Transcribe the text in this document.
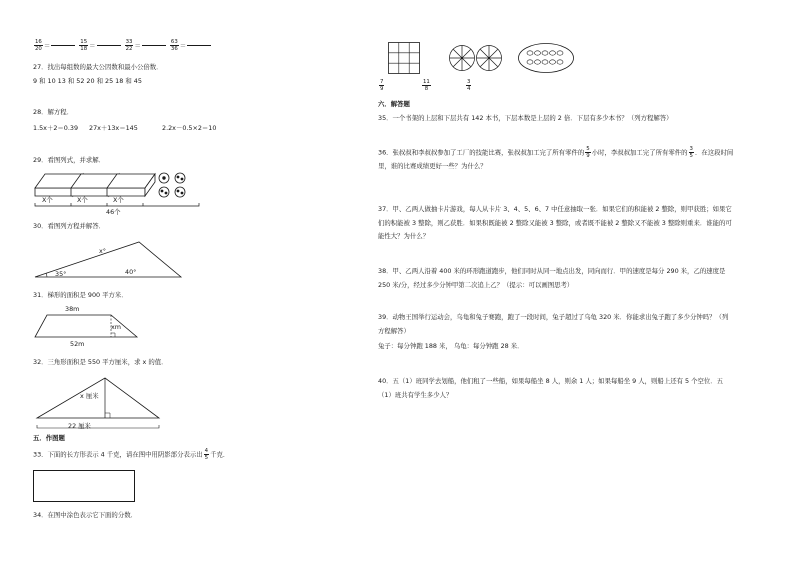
$\frac{16}{20}$ ＝	$\frac{15}{18}$ ＝	$\frac{33}{22}$ ＝	$\frac{63}{36}$ ＝
27．找出每组数的最大公因数和最小公倍数．
9 和 10 13 和 52 20 和 25 18 和 45
28．解方程．
1.5x＋2＝0.39 27x＋13x＝145	2.2x－0.5×2＝10
29．看图列式，并求解．
X个	X个	X个
46个
30．看图列方程并解答．
x°
35°	40°
31．梯形的面积是 900 平方米．
38m
xm
52m
32．三角形面积是 550 平方厘米，求 x 的值．
x 厘米
22 厘米
五．作图题
33．下面的长方形表示 4 千克，请在图中用阴影部分表示出 $\frac{4}{5}$ 千克．
34．在图中涂色表示它下面的分数．
$\frac{7}{9}$	$\frac{11}{8}$	$\frac{3}{4}$
六．解答题
35．一个书架的上层和下层共有 142 本书，下层本数是上层的 2 倍．下层有多少本书？（列方程解答）
36．张叔叔和李叔叔参加了工厂的技能比赛，张叔叔加工完了所有零件的 $\frac{5}{9}$ 小时，李叔叔加工完了所有零件的 $\frac{3}{5}$ ．在这段时间里，谁的比赛成绩更好一些？为什么？
37．甲、乙两人做抽卡片游戏，每人从卡片 3、4、5、6、7 中任意抽取一张．如果它们的积能被 2 整除，则甲获胜；如果它们的积能被 3 整除，则乙获胜．如果积既能被 2 整除又能被 3 整除，或者既不能被 2 整除又不能被 3 整除则重来．谁能的可能性大？为什么？
38．甲、乙两人沿着 400 米的环形跑道跑步，他们同时从同一地点出发，同向而行．甲的速度是每分 290 米，乙的速度是 250 米/分，经过多少分钟甲第二次追上乙？（提示：可以画图思考）
39．动物王国举行运动会，乌龟和兔子赛跑，跑了一段时间，兔子超过了乌龟 320 米．你能求出兔子跑了多少分钟吗？（列方程解答）
兔子：每分钟跑 188 米， 乌龟：每分钟跑 28 米．
40．五（1）班同学去划船，他们租了一些船，如果每船坐 8 人，则余 1 人；如果每船坐 9 人，则船上还有 5 个空位．五（1）班共有学生多少人？
